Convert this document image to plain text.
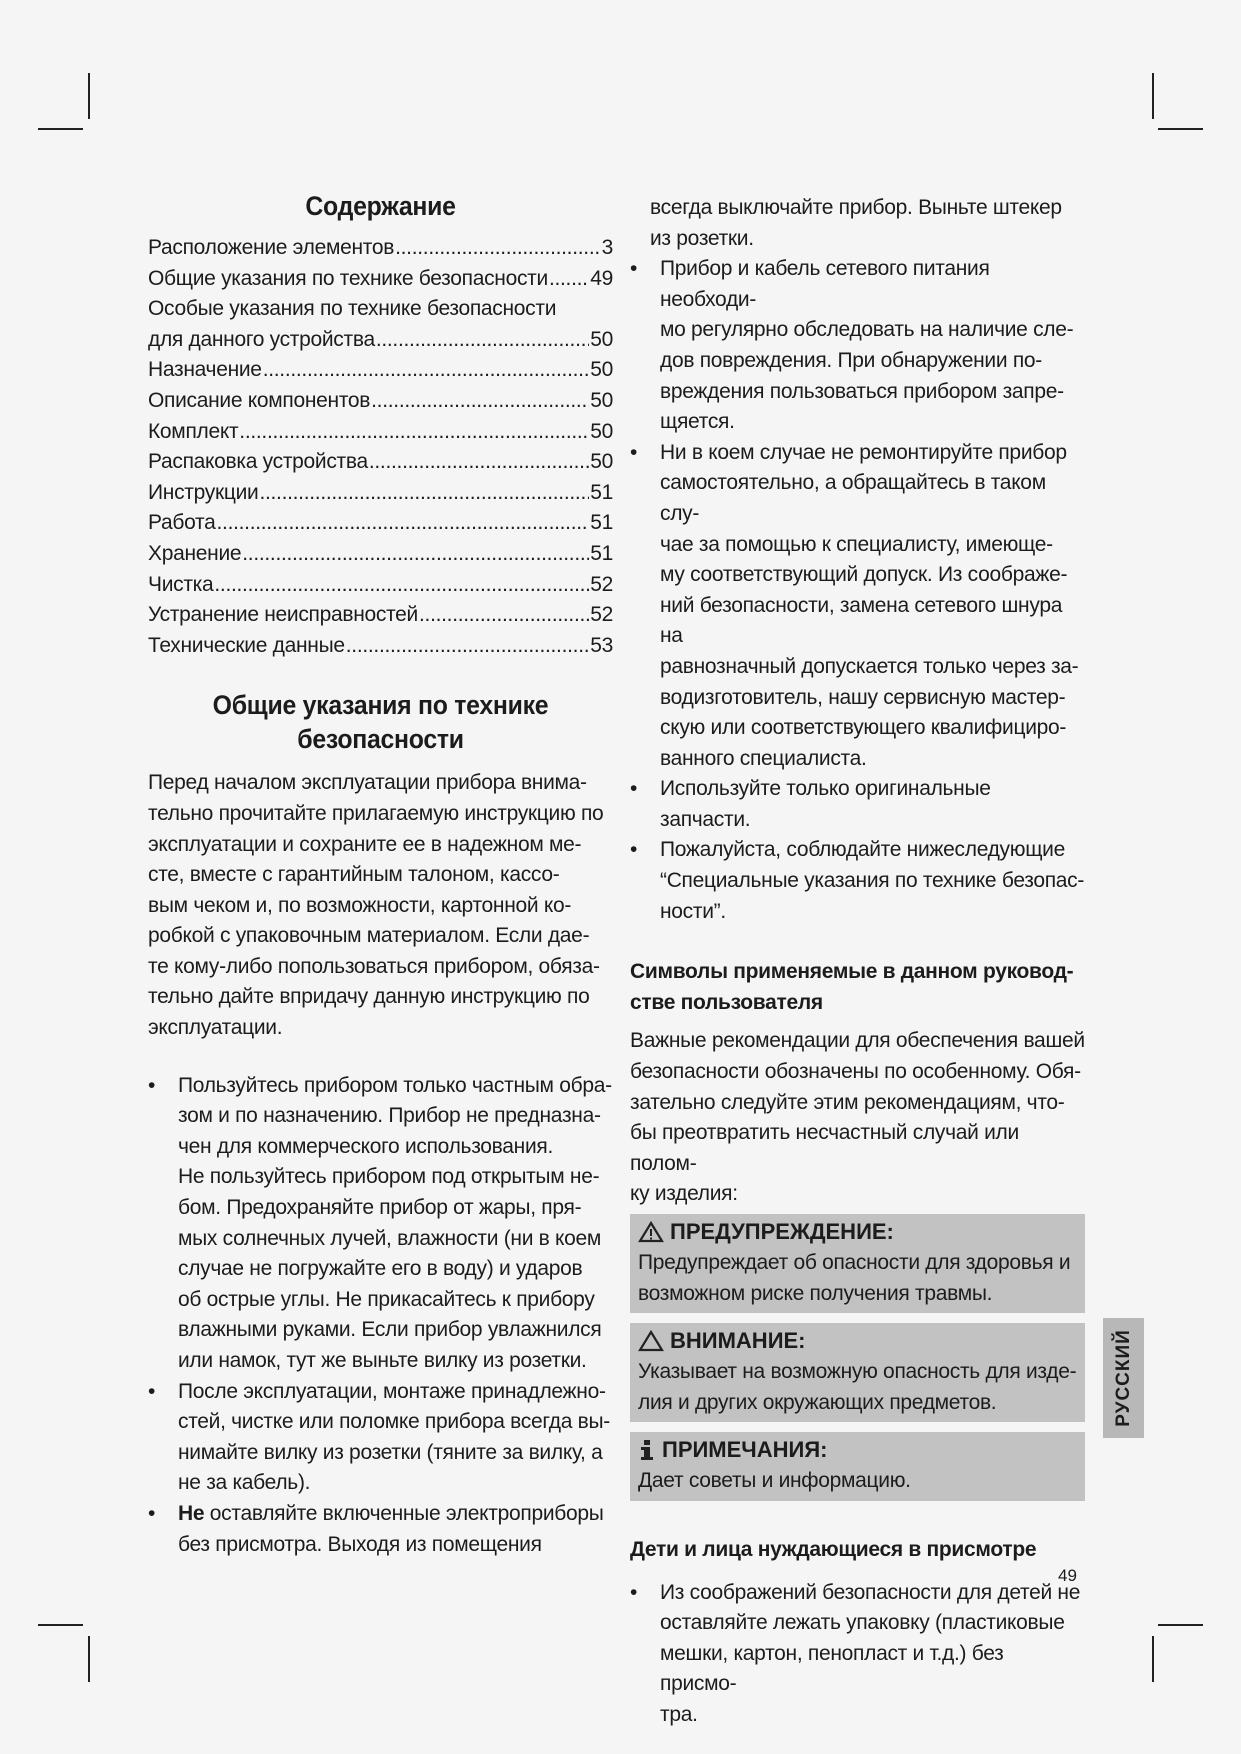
Содержание
Расположение элементов .....	3
Общие указания по технике безопасности ..... 49
Особые указания по технике безопасности
для данного устройства .....	50
Назначение .....	50
Описание компонентов .....	50
Комплект .....	50
Распаковка устройства .....	50
Инструкции .....	51
Работа .....	51
Хранение .....	51
Чистка .....	52
Устранение неисправностей .....	52
Технические данные .....	53
Общие указания по технике безопасности

Перед началом эксплуатации прибора внима-
тельно прочитайте прилагаемую инструкцию по
эксплуатации и сохраните ее в надежном ме-
сте, вместе с гарантийным талоном, кассо-
вым чеком и, по возможности, картонной ко-
робкой с упаковочным материалом. Если дае-
те кому-либо попользоваться прибором, обяза-
тельно дайте впридачу данную инструкцию по
эксплуатации.

• Пользуйтесь прибором только частным обра-
зом и по назначению. Прибор не предназна-
чен для коммерческого использования.
Не пользуйтесь прибором под открытым не-
бом. Предохраняйте прибор от жары, пря-
мых солнечных лучей, влажности (ни в коем
случае не погружайте его в воду) и ударов
об острые углы. Не прикасайтесь к прибору
влажными руками. Если прибор увлажнился
или намок, тут же выньте вилку из розетки.
• После эксплуатации, монтаже принадлежно-
стей, чистке или поломке прибора всегда вы-
нимайте вилку из розетки (тяните за вилку, а
не за кабель).
• Не оставляйте включенные электроприборы
без присмотра. Выходя из помещения

всегда выключайте прибор. Выньте штекер
из розетки.

• Прибор и кабель сетевого питания необходи-
мо регулярно обследовать на наличие сле-
дов повреждения. При обнаружении по-
вреждения пользоваться прибором запре-
щяется.
• Ни в коем случае не ремонтируйте прибор
самостоятельно, а обращайтесь в таком слу-
чае за помощью к специалисту, имеюще-
му соответствующий допуск. Из соображе-
ний безопасности, замена сетевого шнура на
равнозначный допускается только через за-
водизготовитель, нашу сервисную мастер-
скую или соответствующего квалифициро-
ванного специалиста.
• Используйте только оригинальные запчасти.
• Пожалуйста, соблюдайте нижеследующие
“Специальные указания по технике безопас-
ности”.
Символы применяемые в данном руковод-
стве пользователя

Важные рекомендации для обеспечения вашей
безопасности обозначены по особенному. Обя-
зательно следуйте этим рекомендациям, что-
бы преотвратить несчастный случай или полом-
ку изделия:

ПРЕДУПРЕЖДЕНИЕ:
Предупреждает об опасности для здоровья и
возможном риске получения травмы.
ВНИМАНИЕ:
Указывает на возможную опасность для изде-
лия и других окружающих предметов.
ПРИМЕЧАНИЯ:
Дает советы и информацию.
Дети и лица нуждающиеся в присмотре
• Из соображений безопасности для детей не
оставляйте лежать упаковку (пластиковые
мешки, картон, пенопласт и т.д.) без присмо-
тра.
РУССКИЙ
49
